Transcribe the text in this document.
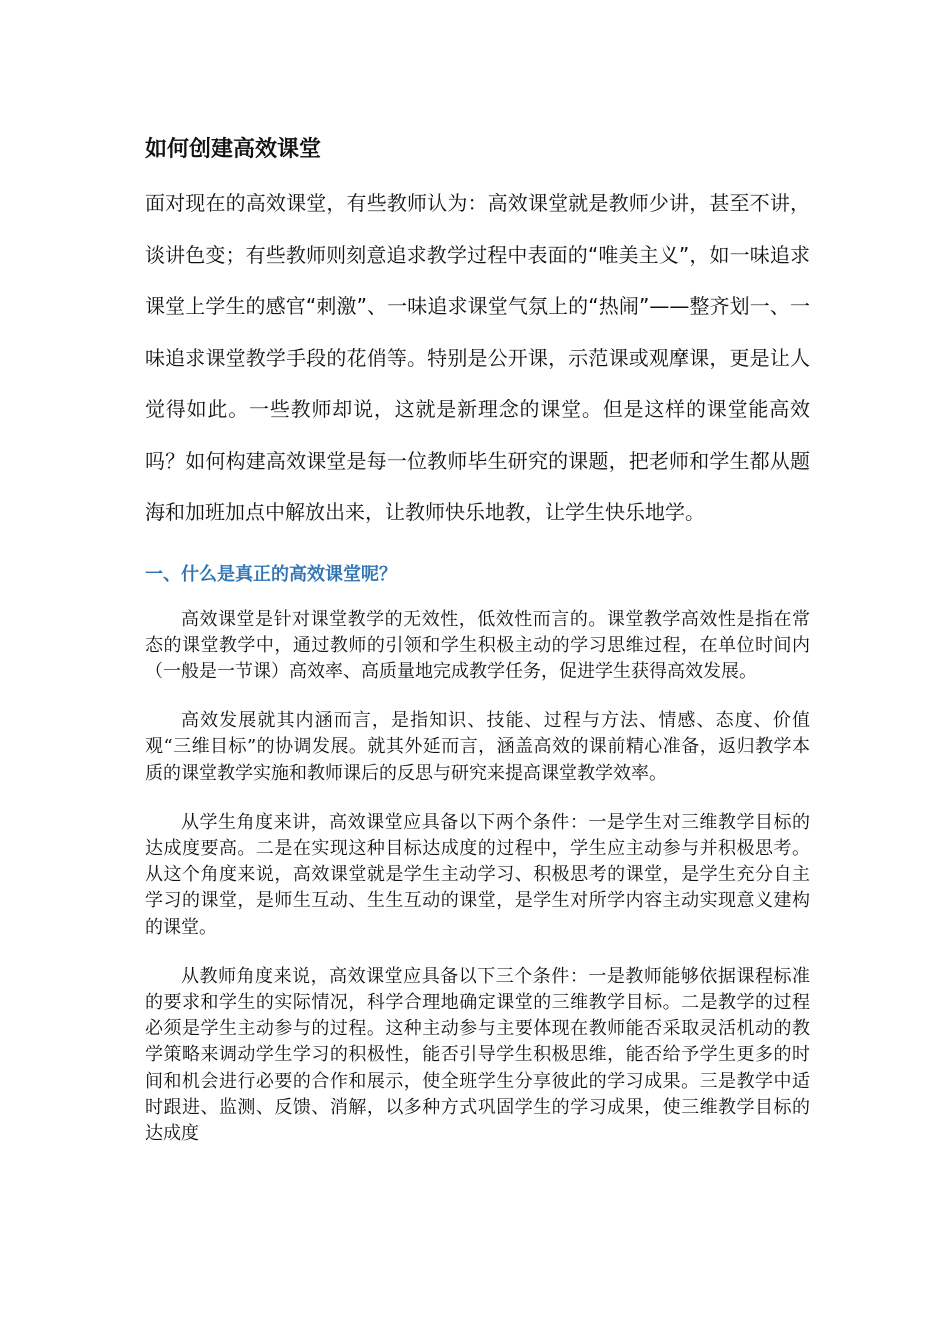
如何创建高效课堂

面对现在的高效课堂，有些教师认为：高效课堂就是教师少讲，甚至不讲，谈讲色变；有些教师则刻意追求教学过程中表面的“唯美主义”，如一味追求课堂上学生的感官“刺激”、一味追求课堂气氛上的“热闹”——整齐划一、一味追求课堂教学手段的花俏等。特别是公开课，示范课或观摩课，更是让人觉得如此。一些教师却说，这就是新理念的课堂。但是这样的课堂能高效吗？如何构建高效课堂是每一位教师毕生研究的课题，把老师和学生都从题海和加班加点中解放出来，让教师快乐地教，让学生快乐地学。

一、什么是真正的高效课堂呢？

高效课堂是针对课堂教学的无效性，低效性而言的。课堂教学高效性是指在常态的课堂教学中，通过教师的引领和学生积极主动的学习思维过程，在单位时间内（一般是一节课）高效率、高质量地完成教学任务，促进学生获得高效发展。

高效发展就其内涵而言，是指知识、技能、过程与方法、情感、态度、价值观“三维目标”的协调发展。就其外延而言，涵盖高效的课前精心准备，返归教学本质的课堂教学实施和教师课后的反思与研究来提高课堂教学效率。

从学生角度来讲，高效课堂应具备以下两个条件：一是学生对三维教学目标的达成度要高。二是在实现这种目标达成度的过程中，学生应主动参与并积极思考。从这个角度来说，高效课堂就是学生主动学习、积极思考的课堂，是学生充分自主学习的课堂，是师生互动、生生互动的课堂，是学生对所学内容主动实现意义建构的课堂。

从教师角度来说，高效课堂应具备以下三个条件：一是教师能够依据课程标准的要求和学生的实际情况，科学合理地确定课堂的三维教学目标。二是教学的过程必须是学生主动参与的过程。这种主动参与主要体现在教师能否采取灵活机动的教学策略来调动学生学习的积极性，能否引导学生积极思维，能否给予学生更多的时间和机会进行必要的合作和展示，使全班学生分享彼此的学习成果。三是教学中适时跟进、监测、反馈、消解，以多种方式巩固学生的学习成果，使三维教学目标的达成度
